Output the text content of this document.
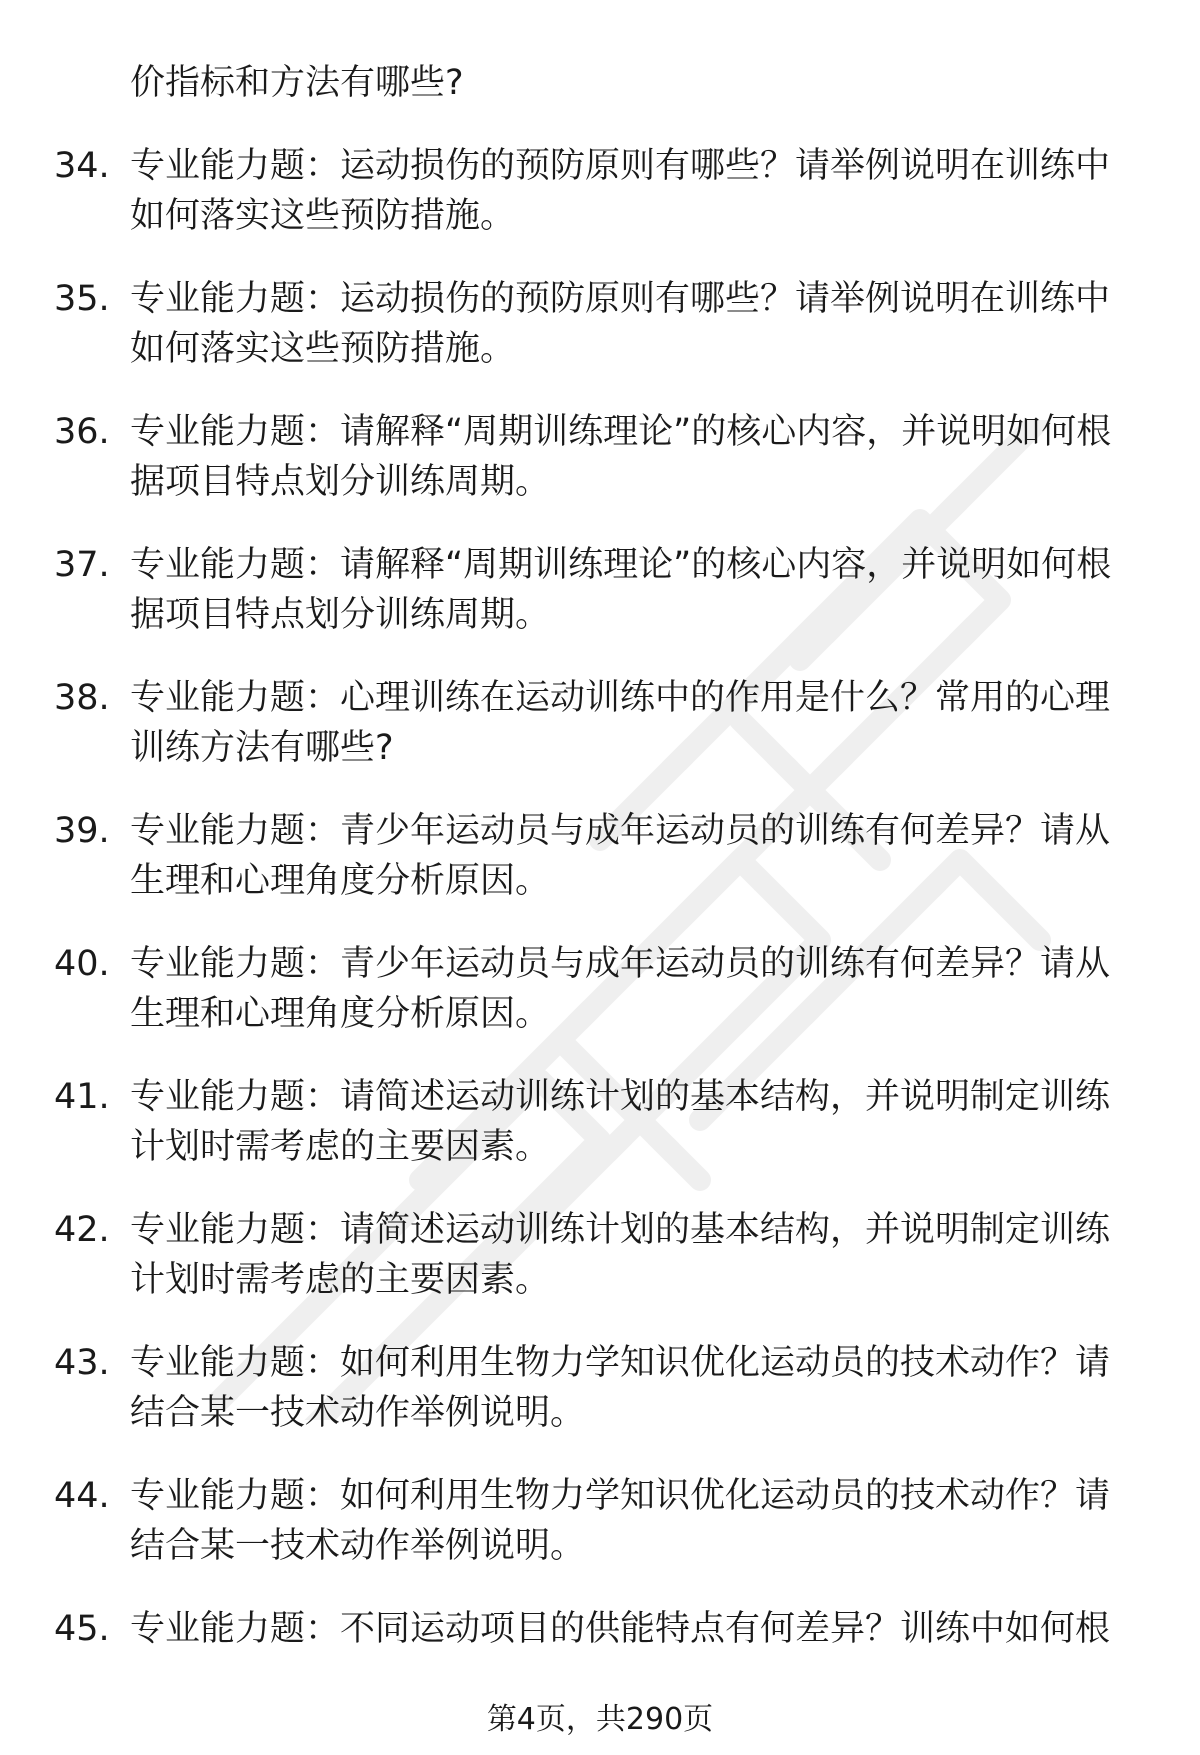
价指标和方法有哪些?
34. 专业能力题：运动损伤的预防原则有哪些？请举例说明在训练中如何落实这些预防措施。
35. 专业能力题：运动损伤的预防原则有哪些？请举例说明在训练中如何落实这些预防措施。
36. 专业能力题：请解释“周期训练理论”的核心内容，并说明如何根据项目特点划分训练周期。
37. 专业能力题：请解释“周期训练理论”的核心内容，并说明如何根据项目特点划分训练周期。
38. 专业能力题：心理训练在运动训练中的作用是什么？常用的心理训练方法有哪些?
39. 专业能力题：青少年运动员与成年运动员的训练有何差异？请从生理和心理角度分析原因。
40. 专业能力题：青少年运动员与成年运动员的训练有何差异？请从生理和心理角度分析原因。
41. 专业能力题：请简述运动训练计划的基本结构，并说明制定训练计划时需考虑的主要因素。
42. 专业能力题：请简述运动训练计划的基本结构，并说明制定训练计划时需考虑的主要因素。
43. 专业能力题：如何利用生物力学知识优化运动员的技术动作？请结合某一技术动作举例说明。
44. 专业能力题：如何利用生物力学知识优化运动员的技术动作？请结合某一技术动作举例说明。
45. 专业能力题：不同运动项目的供能特点有何差异？训练中如何根
第4页，共290页
